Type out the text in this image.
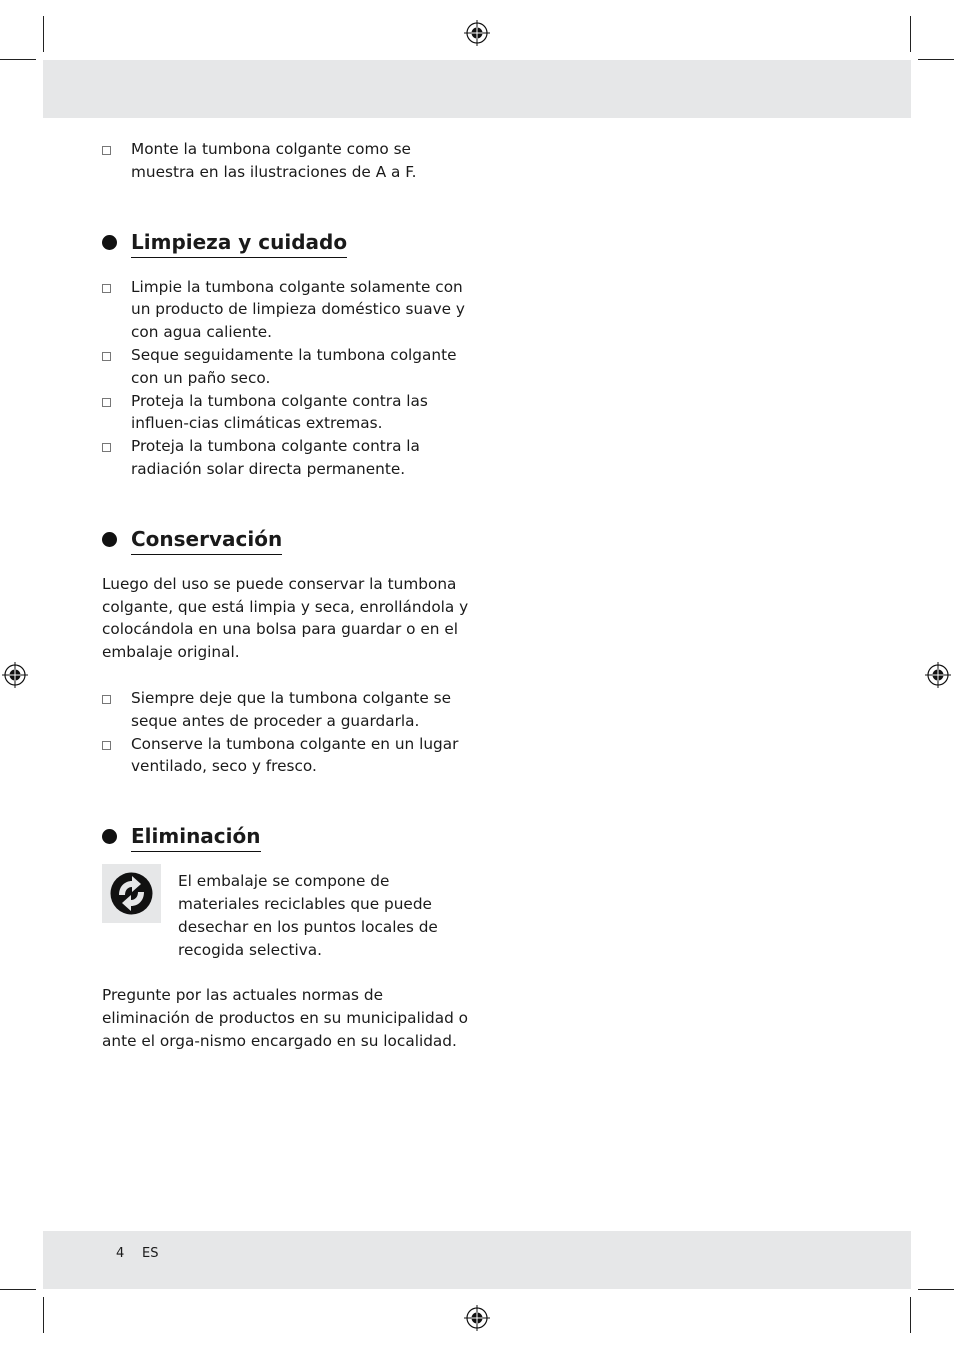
Monte la tumbona colgante como se muestra en las ilustraciones de A a F.
Limpieza y cuidado
Limpie la tumbona colgante solamente con un producto de limpieza doméstico suave y con agua caliente.
Seque seguidamente la tumbona colgante con un paño seco.
Proteja la tumbona colgante contra las influen-cias climáticas extremas.
Proteja la tumbona colgante contra la radiación solar directa permanente.
Conservación

Luego del uso se puede conservar la tumbona colgante, que está limpia y seca, enrollándola y colocándola en una bolsa para guardar o en el embalaje original.

Siempre deje que la tumbona colgante se seque antes de proceder a guardarla.
Conserve la tumbona colgante en un lugar ventilado, seco y fresco.
Eliminación

El embalaje se compone de materiales reciclables que puede desechar en los puntos locales de recogida selectiva.

Pregunte por las actuales normas de eliminación de productos en su municipalidad o ante el orga-nismo encargado en su localidad.

4 ES
